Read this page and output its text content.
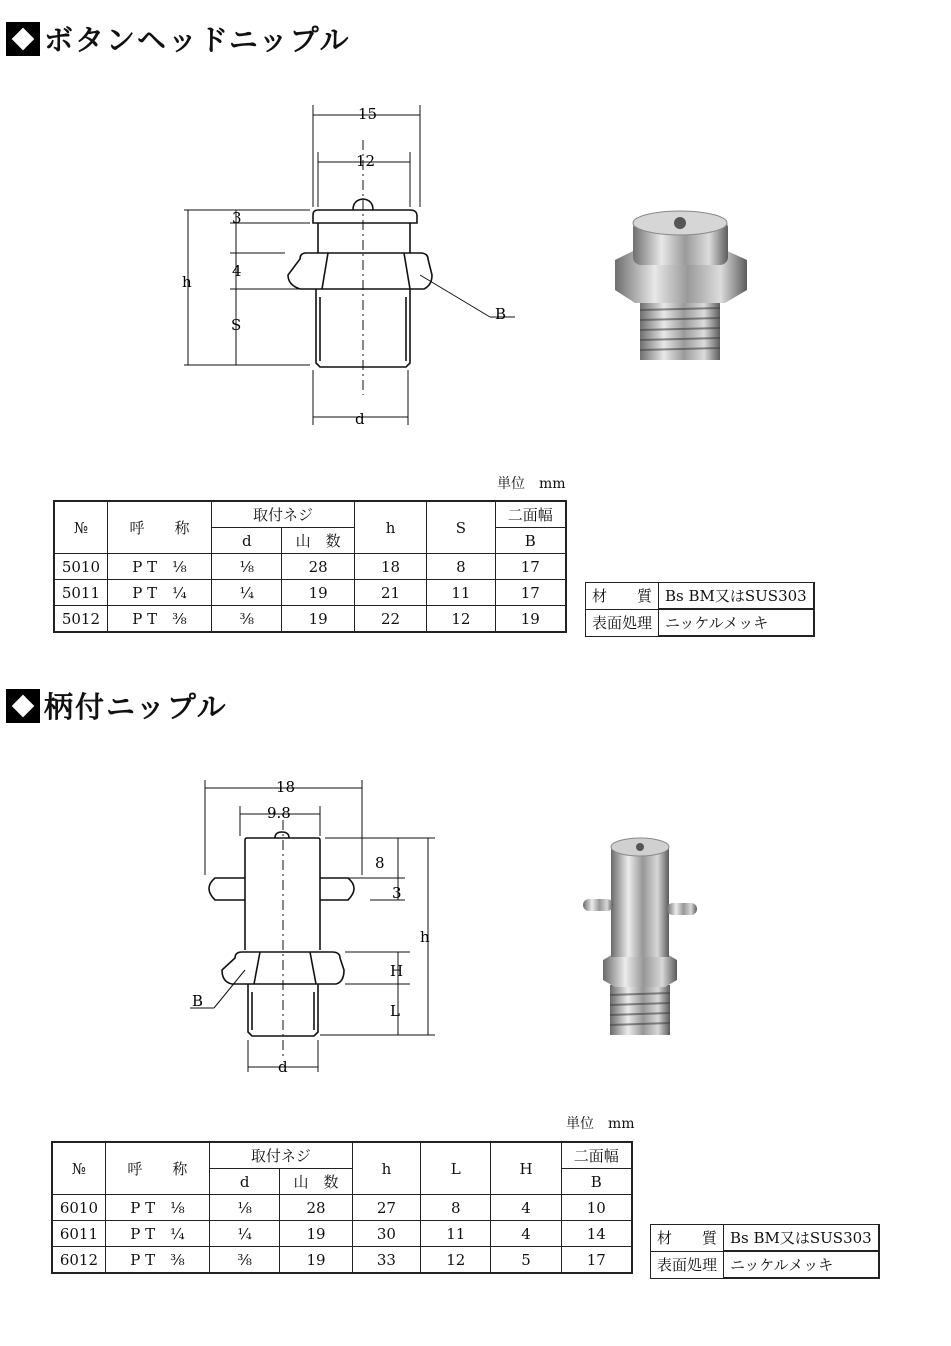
ボタンヘッドニップル
15
12
3
4
S
h
B
d
単位　mm
№	呼　　称	取付ネジ		h	S	二面幅
		d	山　数			B
5010	P T　⅛	⅛	28	18	8	17
5011	P T　¼	¼	19	21	11	17
5012	P T　⅜	⅜	19	22	12	19
材　　質	Bs BM又はSUS303
表面処理	ニッケルメッキ
柄付ニップル
18
9.8
8
3
H
L
h
B
d
単位　mm
№	呼　　称	取付ネジ		h	L	H	二面幅
		d	山　数				B
6010	P T　⅛	⅛	28	27	8	4	10
6011	P T　¼	¼	19	30	11	4	14
6012	P T　⅜	⅜	19	33	12	5	17
材　　質	Bs BM又はSUS303
表面処理	ニッケルメッキ
